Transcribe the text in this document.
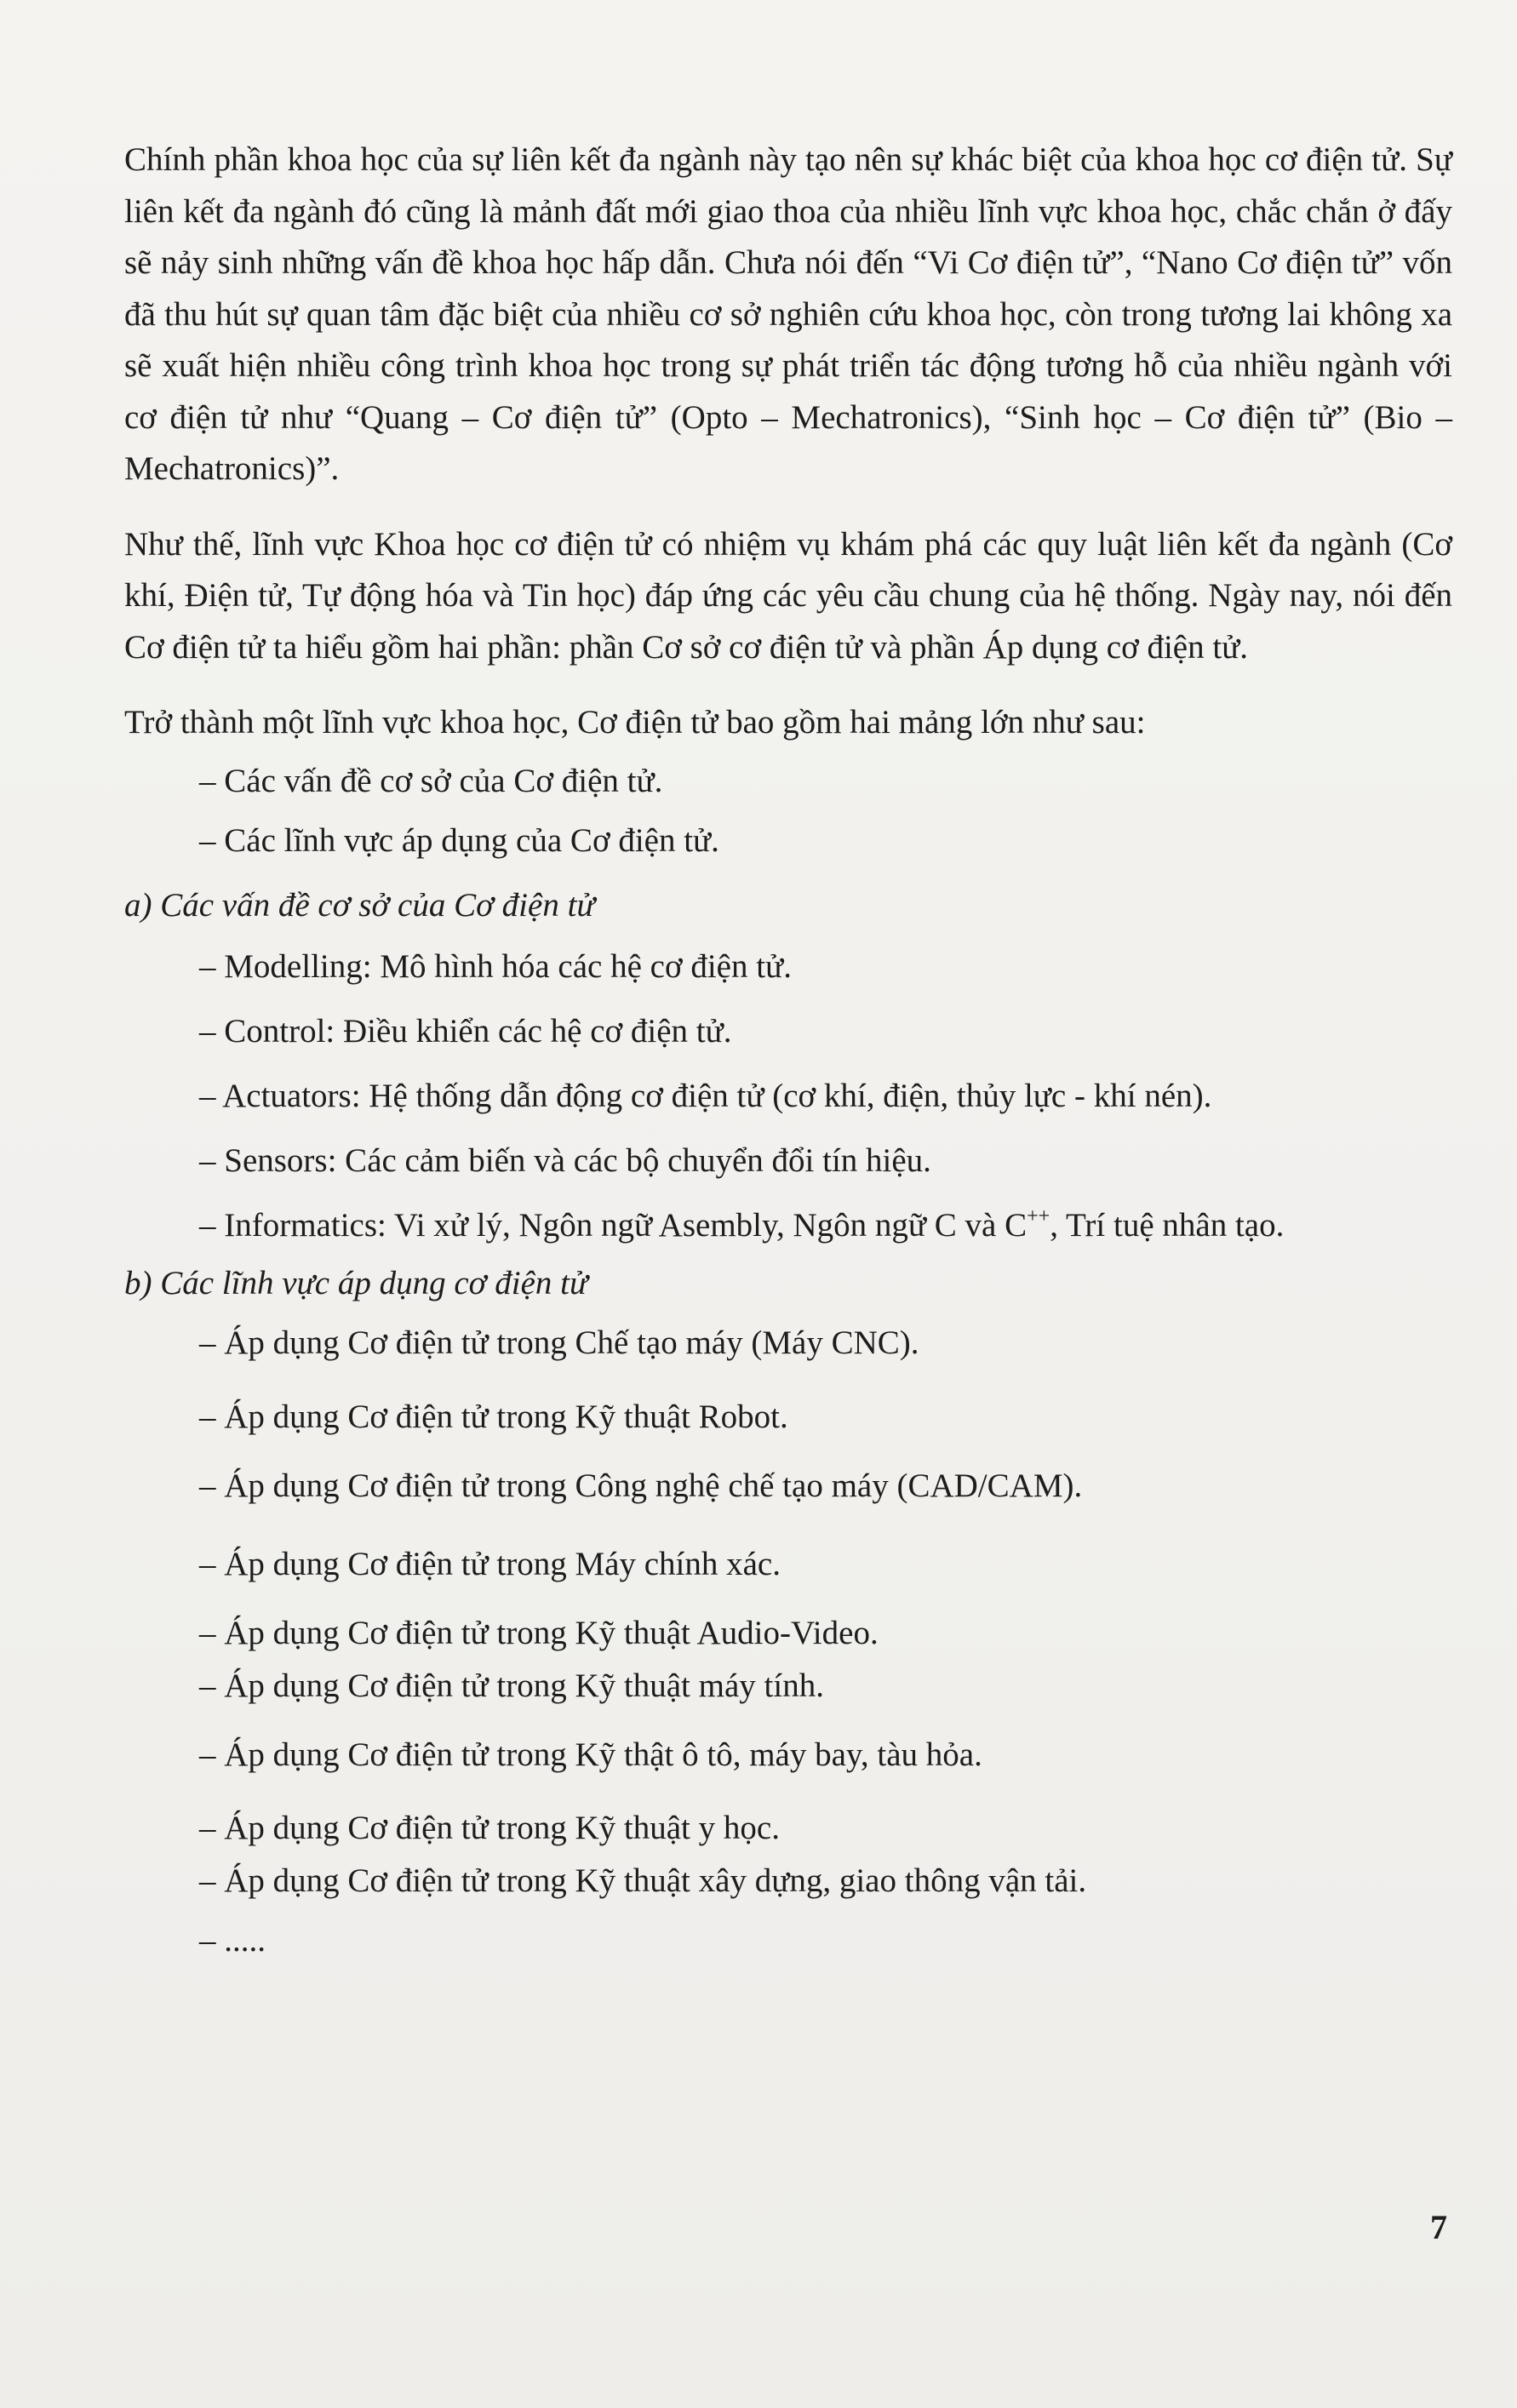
Chính phần khoa học của sự liên kết đa ngành này tạo nên sự khác biệt của khoa học cơ điện tử. Sự liên kết đa ngành đó cũng là mảnh đất mới giao thoa của nhiều lĩnh vực khoa học, chắc chắn ở đấy sẽ nảy sinh những vấn đề khoa học hấp dẫn. Chưa nói đến “Vi Cơ điện tử”, “Nano Cơ điện tử” vốn đã thu hút sự quan tâm đặc biệt của nhiều cơ sở nghiên cứu khoa học, còn trong tương lai không xa sẽ xuất hiện nhiều công trình khoa học trong sự phát triển tác động tương hỗ của nhiều ngành với cơ điện tử như “Quang – Cơ điện tử” (Opto – Mechatronics), “Sinh học – Cơ điện tử” (Bio – Mechatronics)”.

Như thế, lĩnh vực Khoa học cơ điện tử có nhiệm vụ khám phá các quy luật liên kết đa ngành (Cơ khí, Điện tử, Tự động hóa và Tin học) đáp ứng các yêu cầu chung của hệ thống. Ngày nay, nói đến Cơ điện tử ta hiểu gồm hai phần: phần Cơ sở cơ điện tử và phần Áp dụng cơ điện tử.

Trở thành một lĩnh vực khoa học, Cơ điện tử bao gồm hai mảng lớn như sau:

– Các vấn đề cơ sở của Cơ điện tử.
– Các lĩnh vực áp dụng của Cơ điện tử.

a) Các vấn đề cơ sở của Cơ điện tử

– Modelling: Mô hình hóa các hệ cơ điện tử.
– Control: Điều khiển các hệ cơ điện tử.
– Actuators: Hệ thống dẫn động cơ điện tử (cơ khí, điện, thủy lực - khí nén).
– Sensors: Các cảm biến và các bộ chuyển đổi tín hiệu.
– Informatics: Vi xử lý, Ngôn ngữ Asembly, Ngôn ngữ C và C++, Trí tuệ nhân tạo.

b) Các lĩnh vực áp dụng cơ điện tử

– Áp dụng Cơ điện tử trong Chế tạo máy (Máy CNC).
– Áp dụng Cơ điện tử trong Kỹ thuật Robot.
– Áp dụng Cơ điện tử trong Công nghệ chế tạo máy (CAD/CAM).
– Áp dụng Cơ điện tử trong Máy chính xác.
– Áp dụng Cơ điện tử trong Kỹ thuật Audio-Video.
– Áp dụng Cơ điện tử trong Kỹ thuật máy tính.
– Áp dụng Cơ điện tử trong Kỹ thật ô tô, máy bay, tàu hỏa.
– Áp dụng Cơ điện tử trong Kỹ thuật y học.
– Áp dụng Cơ điện tử trong Kỹ thuật xây dựng, giao thông vận tải.
– .....
7
